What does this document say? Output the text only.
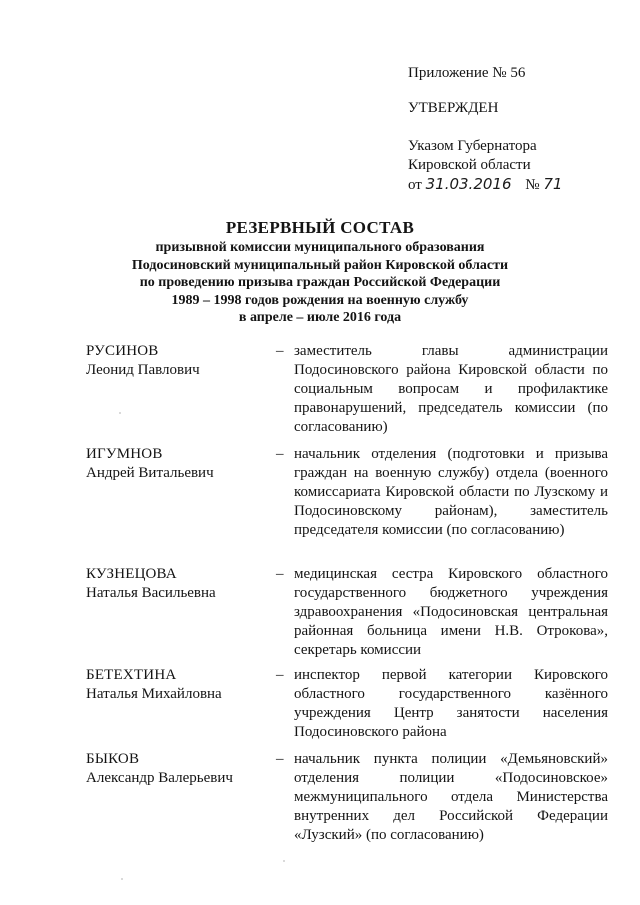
Приложение № 56
УТВЕРЖДЕН
Указом Губернатора
Кировской области
от 31.03.2016 № 71
РЕЗЕРВНЫЙ СОСТАВ
призывной комиссии муниципального образования
Подосиновский муниципальный район Кировской области
по проведению призыва граждан Российской Федерации
1989 – 1998 годов рождения на военную службу
в апреле – июле 2016 года
РУСИНОВ
Леонид Павлович
– заместитель главы администрации Подосиновского района Кировской области по социальным вопросам и профилактике правонарушений, председатель комиссии (по согласованию)
ИГУМНОВ
Андрей Витальевич
– начальник отделения (подготовки и призыва граждан на военную службу) отдела (военного комиссариата Кировской области по Лузскому и Подосиновскому районам), заместитель председателя комиссии (по согласованию)
КУЗНЕЦОВА
Наталья Васильевна
– медицинская сестра Кировского областного государственного бюджетного учреждения здравоохранения «Подосиновская центральная районная больница имени Н.В. Отрокова», секретарь комиссии
БЕТЕХТИНА
Наталья Михайловна
– инспектор первой категории Кировского областного государственного казённого учреждения Центр занятости населения Подосиновского района
БЫКОВ
Александр Валерьевич
– начальник пункта полиции «Демьяновский» отделения полиции «Подосиновское» межмуниципального отдела Министерства внутренних дел Российской Федерации «Лузский» (по согласованию)
